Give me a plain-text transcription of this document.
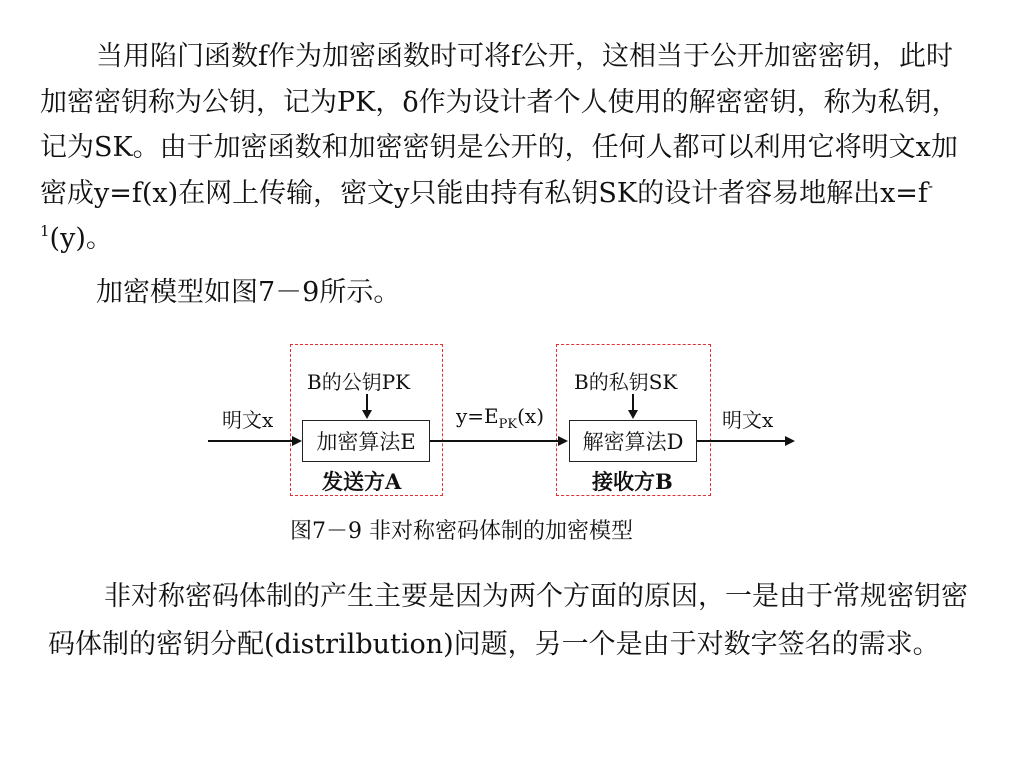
当用陷门函数f作为加密函数时可将f公开，这相当于公开加密密钥，此时加密密钥称为公钥，记为PK，δ作为设计者个人使用的解密密钥，称为私钥，记为SK。由于加密函数和加密密钥是公开的，任何人都可以利用它将明文x加密成y=f(x)在网上传输，密文y只能由持有私钥SK的设计者容易地解出$x=f^{-1}(y)$。

加密模型如图7－9所示。

B的公钥PK	B的私钥SK
明文x
加密算法E
$y=E_{PK}(x)$
解密算法D
明文x
发送方A	接收方B
图7－9 非对称密码体制的加密模型

非对称密码体制的产生主要是因为两个方面的原因，一是由于常规密钥密码体制的密钥分配(distrilbution)问题，另一个是由于对数字签名的需求。
